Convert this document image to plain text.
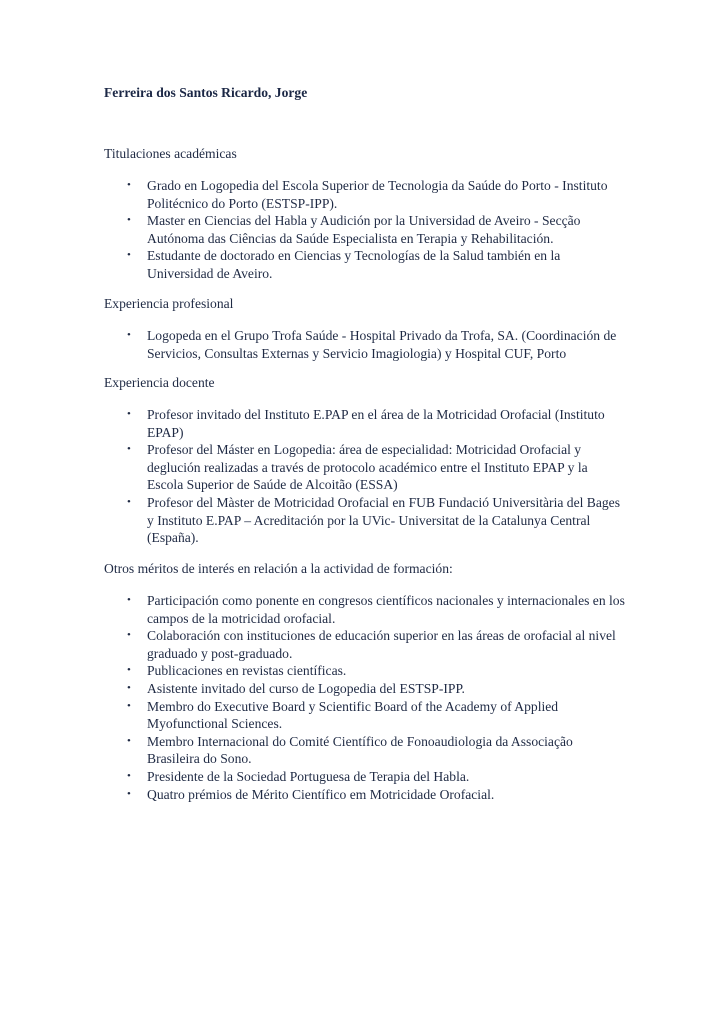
Ferreira dos Santos Ricardo, Jorge

Titulaciones académicas

• Grado en Logopedia del Escola Superior de Tecnologia da Saúde do Porto - Instituto Politécnico do Porto (ESTSP-IPP).
• Master en Ciencias del Habla y Audición por la Universidad de Aveiro - Secção Autónoma das Ciências da Saúde Especialista en Terapia y Rehabilitación.
• Estudante de doctorado en Ciencias y Tecnologías de la Salud también en la Universidad de Aveiro.

Experiencia profesional

• Logopeda en el Grupo Trofa Saúde - Hospital Privado da Trofa, SA. (Coordinación de Servicios, Consultas Externas y Servicio Imagiologia) y Hospital CUF, Porto

Experiencia docente

• Profesor invitado del Instituto E.PAP en el área de la Motricidad Orofacial (Instituto EPAP)
• Profesor del Máster en Logopedia: área de especialidad: Motricidad Orofacial y deglución realizadas a través de protocolo académico entre el Instituto EPAP y la Escola Superior de Saúde de Alcoitão (ESSA)
• Profesor del Màster de Motricidad Orofacial en FUB Fundació Universitària del Bages y Instituto E.PAP – Acreditación por la UVic- Universitat de la Catalunya Central (España).

Otros méritos de interés en relación a la actividad de formación:

• Participación como ponente en congresos científicos nacionales y internacionales en los campos de la motricidad orofacial.
• Colaboración con instituciones de educación superior en las áreas de orofacial al nivel graduado y post-graduado.
• Publicaciones en revistas científicas.
• Asistente invitado del curso de Logopedia del ESTSP-IPP.
• Membro do Executive Board y Scientific Board of the Academy of Applied Myofunctional Sciences.
• Membro Internacional do Comité Científico de Fonoaudiologia da Associação Brasileira do Sono.
• Presidente de la Sociedad Portuguesa de Terapia del Habla.
• Quatro prémios de Mérito Científico em Motricidade Orofacial.
